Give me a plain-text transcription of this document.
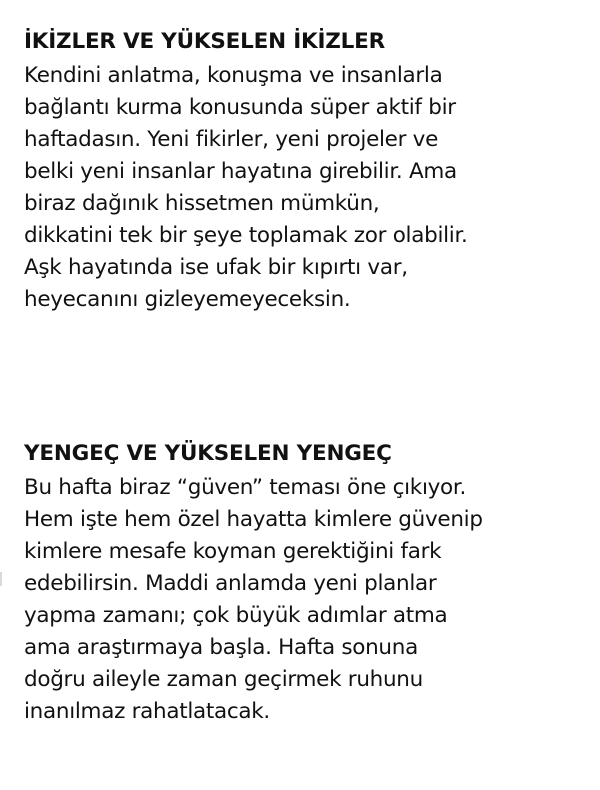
İKİZLER VE YÜKSELEN İKİZLER

Kendini anlatma, konuşma ve insanlarla

bağlantı kurma konusunda süper aktif bir

haftadasın. Yeni fikirler, yeni projeler ve

belki yeni insanlar hayatına girebilir. Ama

biraz dağınık hissetmen mümkün,

dikkatini tek bir şeye toplamak zor olabilir.

Aşk hayatında ise ufak bir kıpırtı var,

heyecanını gizleyemeyeceksin.

YENGEÇ VE YÜKSELEN YENGEÇ

Bu hafta biraz “güven” teması öne çıkıyor.

Hem işte hem özel hayatta kimlere güvenip

kimlere mesafe koyman gerektiğini fark

edebilirsin. Maddi anlamda yeni planlar

yapma zamanı; çok büyük adımlar atma

ama araştırmaya başla. Hafta sonuna

doğru aileyle zaman geçirmek ruhunu

inanılmaz rahatlatacak.
